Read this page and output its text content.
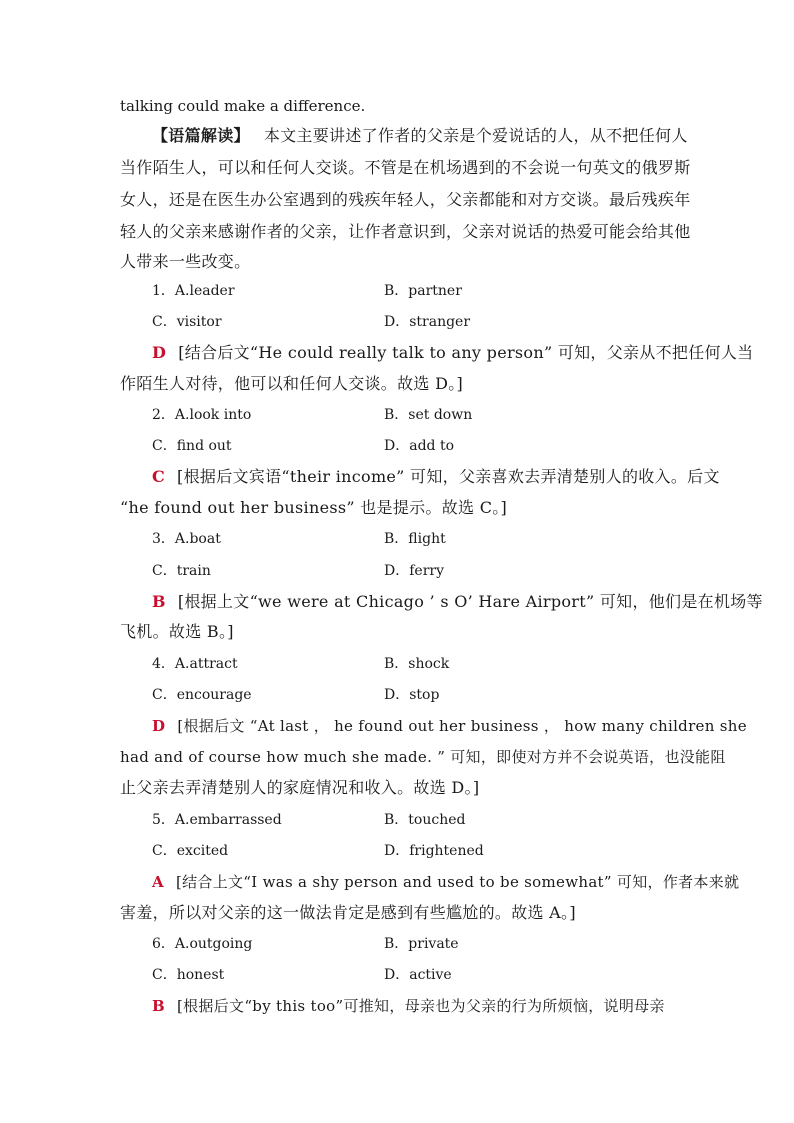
talking could make a difference.
【语篇解读】 本文主要讲述了作者的父亲是个爱说话的人，从不把任何人
当作陌生人，可以和任何人交谈。不管是在机场遇到的不会说一句英文的俄罗斯
女人，还是在医生办公室遇到的残疾年轻人，父亲都能和对方交谈。最后残疾年
轻人的父亲来感谢作者的父亲，让作者意识到，父亲对说话的热爱可能会给其他
人带来一些改变。
1．A.leader	B．partner
C．visitor	D．stranger
D [结合后文“He could really talk to any person” 可知，父亲从不把任何人当
作陌生人对待，他可以和任何人交谈。故选 D。]
2．A.look into	B．set down
C．find out	D．add to
C [根据后文宾语“their income” 可知，父亲喜欢去弄清楚别人的收入。后文
“he found out her business” 也是提示。故选 C。]
3．A.boat	B．flight
C．train	D．ferry
B [根据上文“we were at Chicago ’ s O’ Hare Airport” 可知，他们是在机场等
飞机。故选 B。]
4．A.attract	B．shock
C．encourage	D．stop
D [根据后文 “At last ， he found out her business ， how many children she
had and of course how much she made. ” 可知，即使对方并不会说英语，也没能阻
止父亲去弄清楚别人的家庭情况和收入。故选 D。]
5．A.embarrassed	B．touched
C．excited	D．frightened
A [结合上文“I was a shy person and used to be somewhat” 可知，作者本来就
害羞，所以对父亲的这一做法肯定是感到有些尴尬的。故选 A。]
6．A.outgoing	B．private
C．honest	D．active
B [根据后文“by this too”可推知，母亲也为父亲的行为所烦恼，说明母亲
